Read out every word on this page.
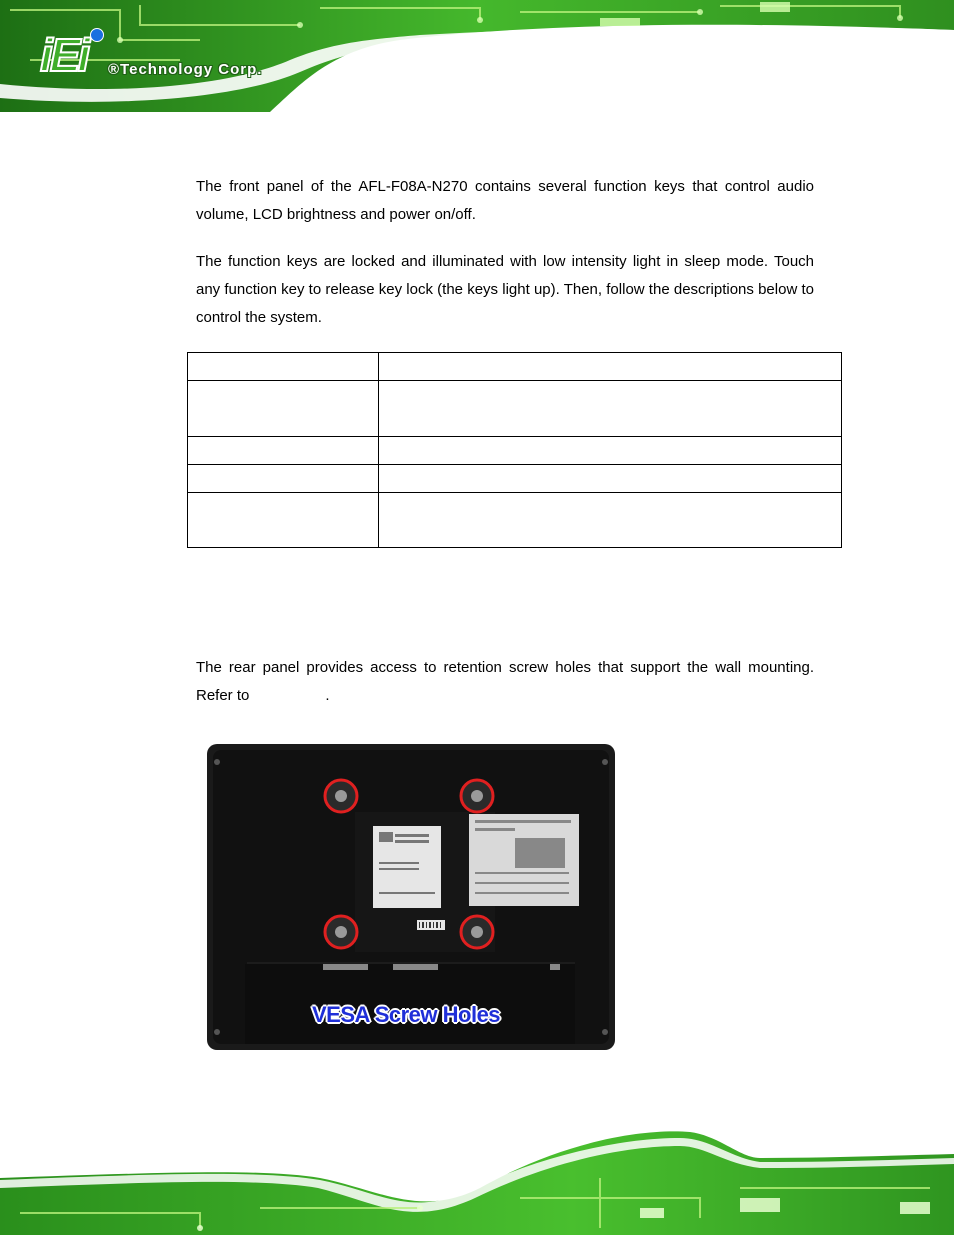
iEi ®Technology Corp.

The front panel of the AFL-F08A-N270 contains several function keys that control audio volume, LCD brightness and power on/off.

The function keys are locked and illuminated with low intensity light in sleep mode. Touch any function key to release key lock (the keys light up). Then, follow the descriptions below to control the system.

The rear panel provides access to retention screw holes that support the wall mounting. Refer to	.

VESA Screw Holes
